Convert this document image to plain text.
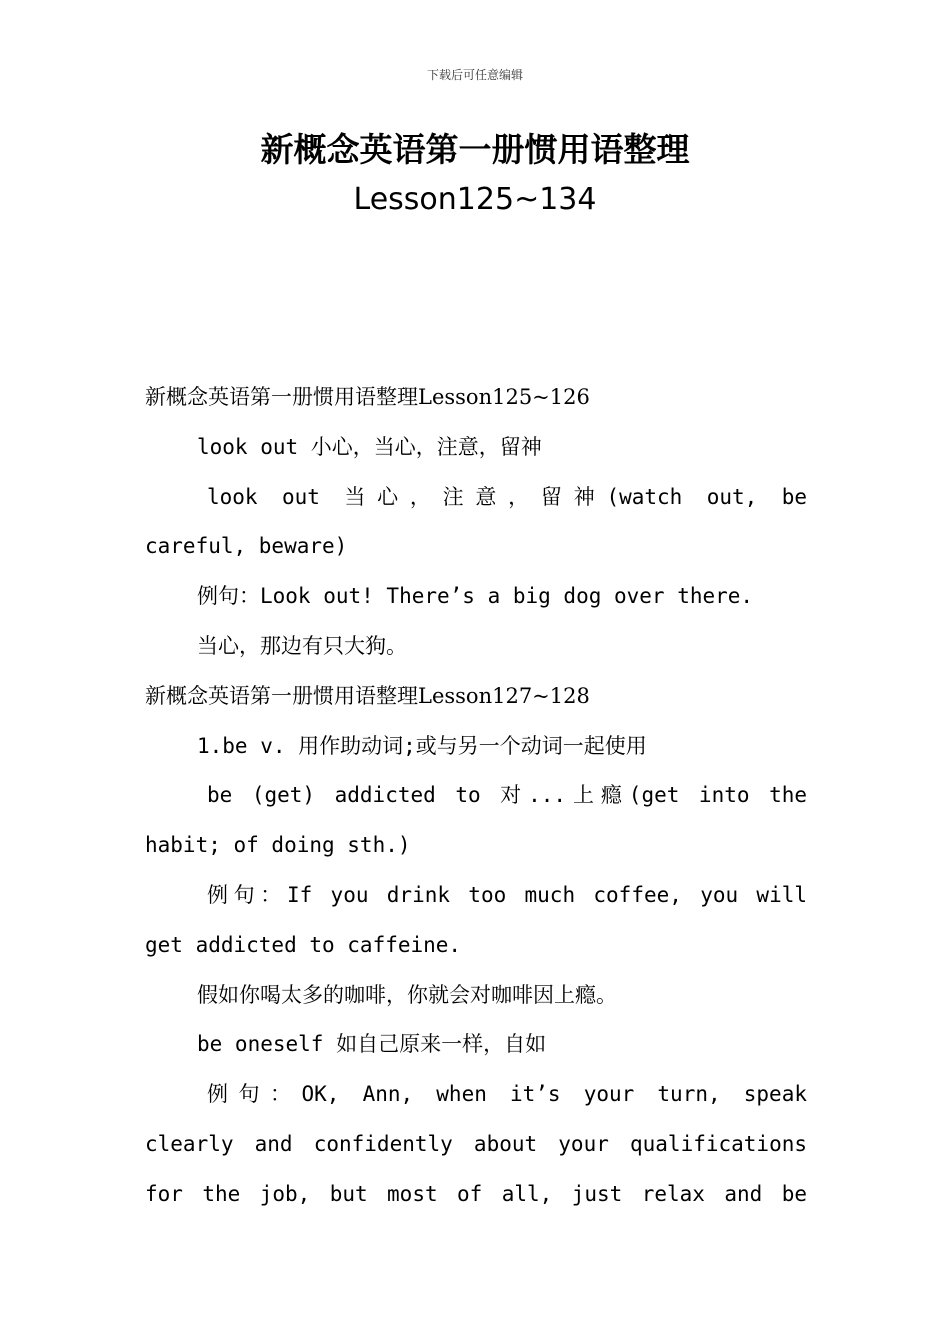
下载后可任意编辑
新概念英语第一册惯用语整理
Lesson125~134
新概念英语第一册惯用语整理Lesson125~126
look out 小心，当心，注意，留神
look out 当心，注意，留神(watch out, be
careful, beware)
例句：Look out! There’s a big dog over there.
当心，那边有只大狗。
新概念英语第一册惯用语整理Lesson127~128
1.be v. 用作助动词;或与另一个动词一起使用
be (get) addicted to 对...上瘾(get into the
habit; of doing sth.)
例句：If you drink too much coffee, you will
get addicted to caffeine.
假如你喝太多的咖啡，你就会对咖啡因上瘾。
be oneself 如自己原来一样，自如
例句：OK, Ann, when it’s your turn, speak
clearly and confidently about your qualifications
for the job, but most of all, just relax and be
